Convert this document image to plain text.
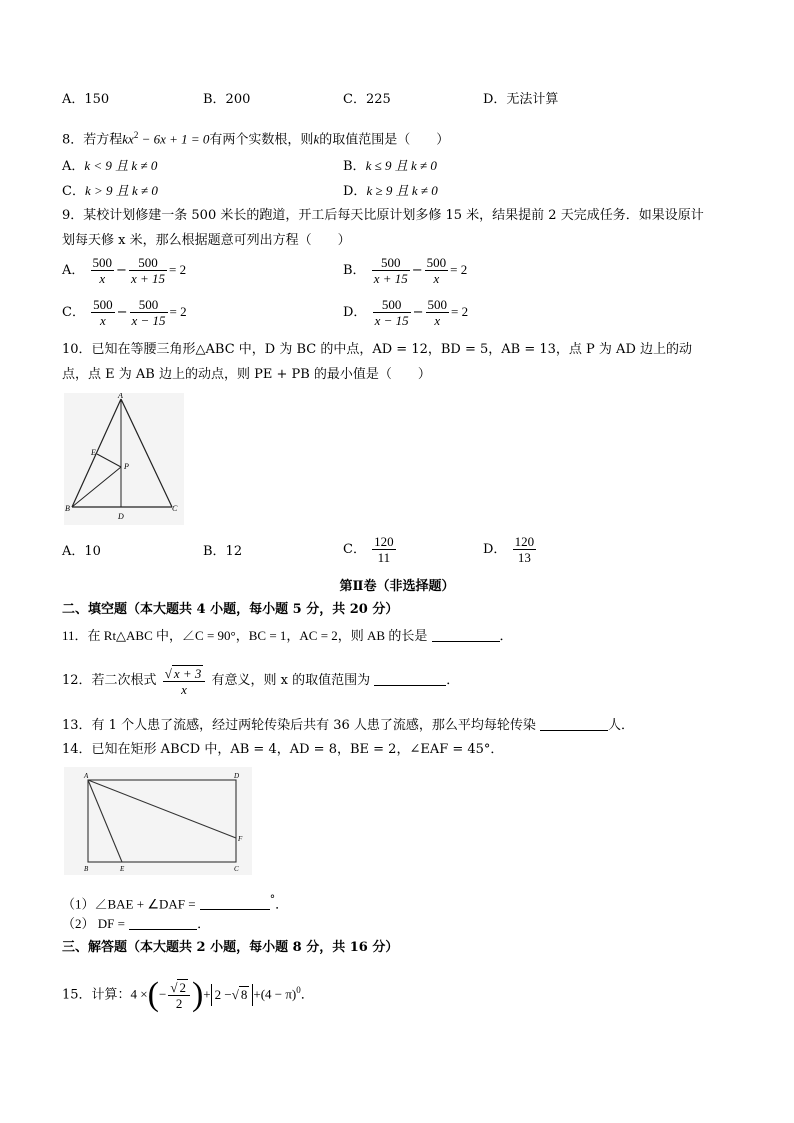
A．150	B．200	C．225	D．无法计算
8．若方程$kx^2 - 6x + 1 = 0$有两个实数根，则k的取值范围是（　　）
A．k < 9 且 k ≠ 0	B．k ≤ 9 且 k ≠ 0
C．k > 9 且 k ≠ 0	D．k ≥ 9 且 k ≠ 0
9．某校计划修建一条 500 米长的跑道，开工后每天比原计划多修 15 米，结果提前 2 天完成任务．如果设原计
划每天修 x 米，那么根据题意可列出方程（　　）
A． $\frac{500}{x} - \frac{500}{x + 15} = 2$	B． $\frac{500}{x + 15} - \frac{500}{x} = 2$
C． $\frac{500}{x} - \frac{500}{x - 15} = 2$	D． $\frac{500}{x - 15} - \frac{500}{x} = 2$
10．已知在等腰三角形△ABC 中，D 为 BC 的中点，AD = 12，BD = 5，AB = 13，点 P 为 AD 边上的动
点，点 E 为 AB 边上的动点，则 PE + PB 的最小值是（　　）
A
B	C
D
E
P
A．10	B．12	C． $\frac{120}{11}$	D． $\frac{120}{13}$
第Ⅱ卷（非选择题）
二、填空题（本大题共 4 小题，每小题 5 分，共 20 分）
11．在 Rt△ABC 中，∠C = 90°，BC = 1，AC = 2，则 AB 的长是	．
12．若二次根式 $\frac{√ x + 3}{x}$ 有意义，则 x 的取值范围为	．
13．有 1 个人患了流感，经过两轮传染后共有 36 人患了流感，那么平均每轮传染	人．
14．已知在矩形 ABCD 中，AB = 4，AD = 8，BE = 2，∠EAF = 45°．
A	D
B	E	C
F
（1）∠BAE + ∠DAF =	°．
（2） DF =	．
三、解答题（本大题共 2 小题，每小题 8 分，共 16 分）
15．计算：4 ×(− $\frac{√ 2}{2}$ )+ 2 −√ $8 +(4 - \pi)^0$．
